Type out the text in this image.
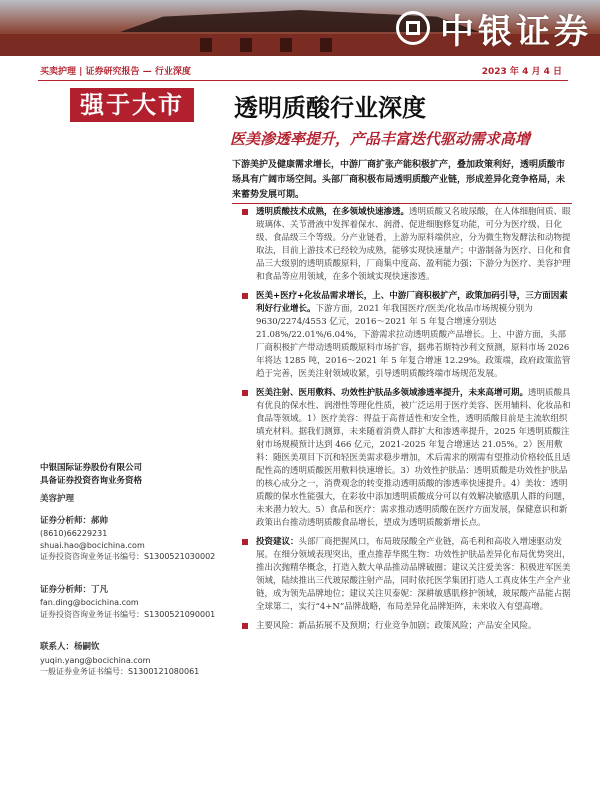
中银证券
买卖护理 | 证券研究报告 — 行业深度	2023 年 4 月 4 日
强于大市	透明质酸行业深度
医美渗透率提升，产品丰富迭代驱动需求高增
下游美护及健康需求增长，中游厂商扩张产能积极扩产，叠加政策利好，透明质酸市场具有广阔市场空间。头部厂商积极布局透明质酸产业链，形成差异化竞争格局，未来蓄势发展可期。
透明质酸技术成熟，在多领域快速渗透。透明质酸又名玻尿酸，在人体细胞间质、眼玻璃体、关节滑液中发挥着保水、润滑、促进细胞修复功能，可分为医疗级、日化级、食品级三个等级。分产业链看，上游为原料端供应，分为微生物发酵法和动物提取法，目前上游技术已经较为成熟，能够实现快速量产；中游制备为医疗、日化和食品三大级别的透明质酸原料，厂商集中度高、盈利能力强；下游分为医疗、美容护理和食品等应用领域，在多个领域实现快速渗透。
医美+医疗+化妆品需求增长，上、中游厂商积极扩产，政策加码引导，三方面因素利好行业增长。下游方面，2021 年我国医疗/医美/化妆品市场规模分别为 9630/2274/4553 亿元，2016～2021 年 5 年复合增速分别达 21.08%/22.01%/6.04%，下游需求拉动透明质酸产品增长。上、中游方面，头部厂商积极扩产带动透明质酸原料市场扩容，据弗若斯特沙利文预测，原料市场 2026 年将达 1285 吨，2016～2021 年 5 年复合增速 12.29%。政策端，政府政策监管趋于完善，医美注射领域收紧，引导透明质酸终端市场规范发展。
医美注射、医用敷料、功效性护肤品多领域渗透率提升，未来高增可期。透明质酸具有优良的保水性、润滑性等理化性质，被广泛运用于医疗美容、医用辅料、化妆品和食品等领域。1）医疗美容：得益于高普适性和安全性，透明质酸目前是主流软组织填充材料。据我们测算，未来随着消费人群扩大和渗透率提升，2025 年透明质酸注射市场规模预计达到 466 亿元，2021-2025 年复合增速达 21.05%。2）医用敷料：随医美项目下沉和轻医美需求稳步增加，术后需求的刚需有望推动价格较低且适配性高的透明质酸医用敷料快速增长。3）功效性护肤品：透明质酸是功效性护肤品的核心成分之一，消费观念的转变推动透明质酸的渗透率快速提升。4）美妆：透明质酸的保水性能强大，在彩妆中添加透明质酸成分可以有效解决敏感肌人群的问题，未来潜力较大。5）食品和医疗：需求推动透明质酸在医疗方面发展，保健意识和新政策出台推动透明质酸食品增长，望成为透明质酸新增长点。
投资建议：头部厂商把握风口，布局玻尿酸全产业链，高毛利和高收入增速驱动发展。在细分领域表现突出，重点推荐华熙生物：功效性护肤品差异化布局优势突出，推出次抛精华概念，打造入数大单品推动品牌破圈；建议关注爱美客：积极进军医美领域，陆续推出三代玻尿酸注射产品，同时依托医学集团打造人工真皮体生产全产业链，成为领先品牌地位；建议关注贝泰妮：深耕敏感肌修护领域，玻尿酸产品能占据全球第二，实行“4+N”品牌战略，布局差异化品牌矩阵，未来收入有望高增。
主要风险：新品拓展不及预期；行业竞争加剧；政策风险；产品安全风险。
中银国际证券股份有限公司
具备证券投资咨询业务资格
美容护理
证券分析师：郝帅
(8610)66229231
shuai.hao@bocichina.com
证券投资咨询业务证书编号：S1300521030002
证券分析师：丁凡
fan.ding@bocichina.com
证券投资咨询业务证书编号：S1300521090001
联系人：杨嗣钦
yuqin.yang@bocichina.com
一般证券业务证书编号：S1300121080061
